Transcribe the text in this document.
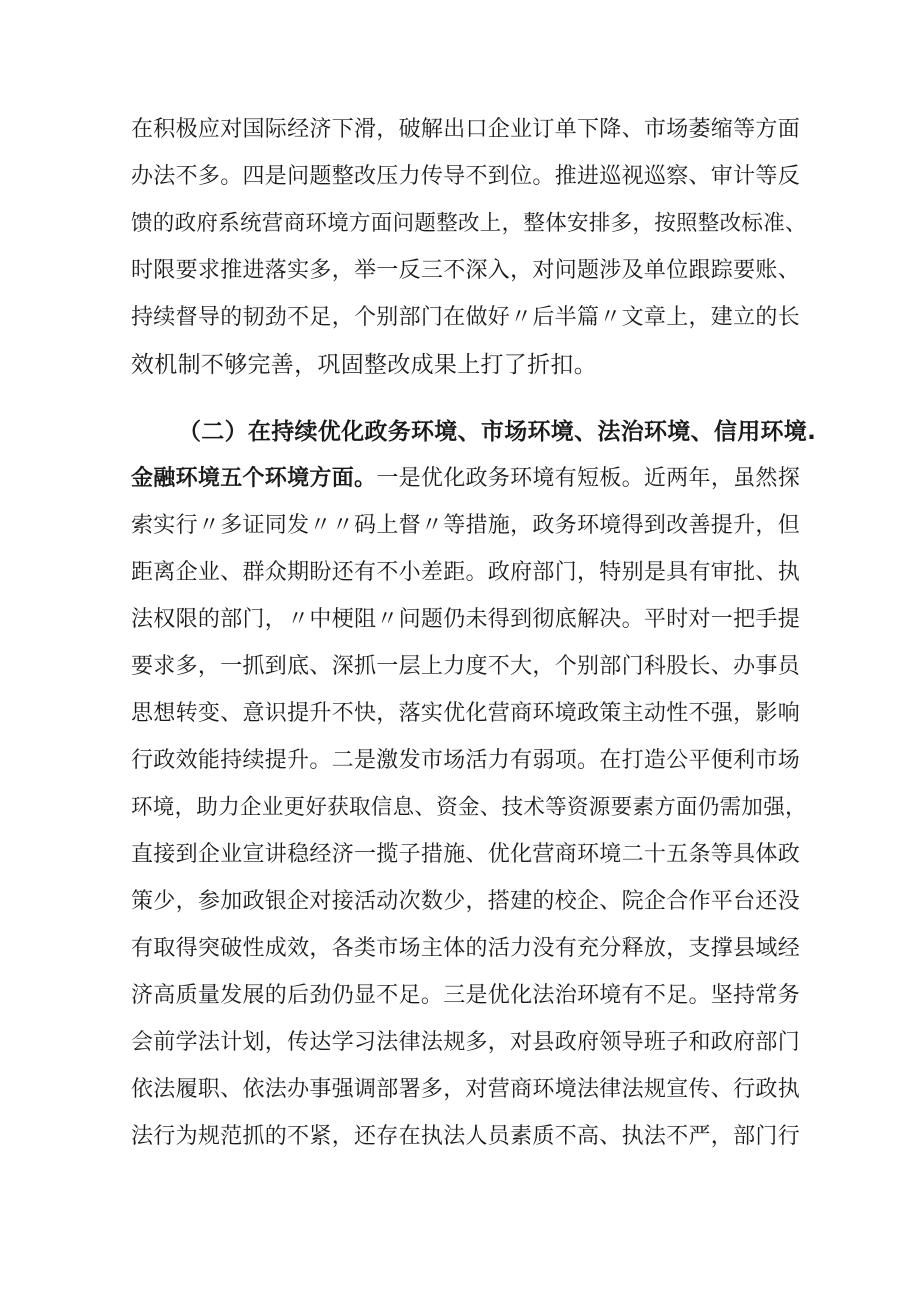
在积极应对国际经济下滑，破解出口企业订单下降、市场萎缩等方面
办法不多。四是问题整改压力传导不到位。推进巡视巡察、审计等反
馈的政府系统营商环境方面问题整改上，整体安排多，按照整改标准、
时限要求推进落实多，举一反三不深入，对问题涉及单位跟踪要账、
持续督导的韧劲不足，个别部门在做好〃后半篇〃文章上，建立的长
效机制不够完善，巩固整改成果上打了折扣。
（二）在持续优化政务环境、市场环境、法治环境、信用环境.
金融环境五个环境方面。一是优化政务环境有短板。近两年，虽然探
索实行〃多证同发〃〃码上督〃等措施，政务环境得到改善提升，但
距离企业、群众期盼还有不小差距。政府部门，特别是具有审批、执
法权限的部门，〃中梗阻〃问题仍未得到彻底解决。平时对一把手提
要求多，一抓到底、深抓一层上力度不大，个别部门科股长、办事员
思想转变、意识提升不快，落实优化营商环境政策主动性不强，影响
行政效能持续提升。二是激发市场活力有弱项。在打造公平便利市场
环境，助力企业更好获取信息、资金、技术等资源要素方面仍需加强，
直接到企业宣讲稳经济一揽子措施、优化营商环境二十五条等具体政
策少，参加政银企对接活动次数少，搭建的校企、院企合作平台还没
有取得突破性成效，各类市场主体的活力没有充分释放，支撑县域经
济高质量发展的后劲仍显不足。三是优化法治环境有不足。坚持常务
会前学法计划，传达学习法律法规多，对县政府领导班子和政府部门
依法履职、依法办事强调部署多，对营商环境法律法规宣传、行政执
法行为规范抓的不紧，还存在执法人员素质不高、执法不严，部门行
